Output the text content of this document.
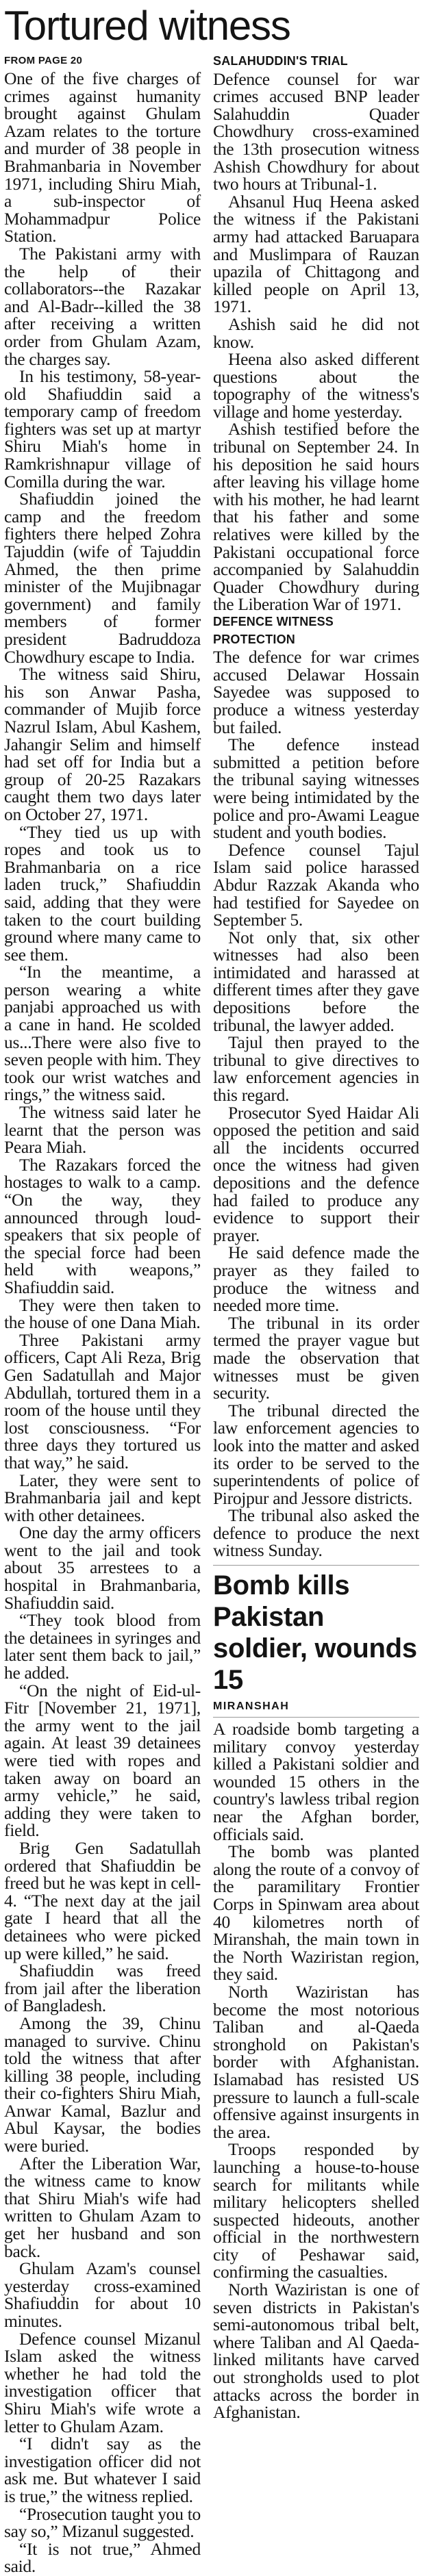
Tortured witness
FROM PAGE 20

One of the five charges of crimes against humanity brought against Ghulam Azam relates to the torture and murder of 38 people in Brahmanbaria in November 1971, including Shiru Miah, a sub-inspector of Mohammadpur Police Station.

The Pakistani army with the help of their collaborators--the Razakar and Al-Badr--killed the 38 after receiving a written order from Ghulam Azam, the charges say.

In his testimony, 58-year-old Shafiuddin said a temporary camp of freedom fighters was set up at martyr Shiru Miah's home in Ramkrishnapur village of Comilla during the war.

Shafiuddin joined the camp and the freedom fighters there helped Zohra Tajuddin (wife of Tajuddin Ahmed, the then prime minister of the Mujibnagar government) and family members of former president Badruddoza Chowdhury escape to India.

The witness said Shiru, his son Anwar Pasha, commander of Mujib force Nazrul Islam, Abul Kashem, Jahangir Selim and himself had set off for India but a group of 20-25 Razakars caught them two days later on October 27, 1971.

“They tied us up with ropes and took us to Brahmanbaria on a rice laden truck,” Shafiuddin said, adding that they were taken to the court building ground where many came to see them.

“In the meantime, a person wearing a white panjabi approached us with a cane in hand. He scolded us...There were also five to seven people with him. They took our wrist watches and rings,” the witness said.

The witness said later he learnt that the person was Peara Miah.

The Razakars forced the hostages to walk to a camp. “On the way, they announced through loud-speakers that six people of the special force had been held with weapons,” Shafiuddin said.

They were then taken to the house of one Dana Miah.

Three Pakistani army officers, Capt Ali Reza, Brig Gen Sadatullah and Major Abdullah, tortured them in a room of the house until they lost consciousness. “For three days they tortured us that way,” he said.

Later, they were sent to Brahmanbaria jail and kept with other detainees.

One day the army officers went to the jail and took about 35 arrestees to a hospital in Brahmanbaria, Shafiuddin said.

“They took blood from the detainees in syringes and later sent them back to jail,” he added.

“On the night of Eid-ul-Fitr [November 21, 1971], the army went to the jail again. At least 39 detainees were tied with ropes and taken away on board an army vehicle,” he said, adding they were taken to field.

Brig Gen Sadatullah ordered that Shafiuddin be freed but he was kept in cell-4. “The next day at the jail gate I heard that all the detainees who were picked up were killed,” he said.

Shafiuddin was freed from jail after the liberation of Bangladesh.

Among the 39, Chinu managed to survive. Chinu told the witness that after killing 38 people, including their co-fighters Shiru Miah, Anwar Kamal, Bazlur and Abul Kaysar, the bodies were buried.

After the Liberation War, the witness came to know that Shiru Miah's wife had written to Ghulam Azam to get her husband and son back.

Ghulam Azam's counsel yesterday cross-examined Shafiuddin for about 10 minutes.

Defence counsel Mizanul Islam asked the witness whether he had told the investigation officer that Shiru Miah's wife wrote a letter to Ghulam Azam.

“I didn't say as the investigation officer did not ask me. But whatever I said is true,” the witness replied.

“Prosecution taught you to say so,” Mizanul suggested.

“It is not true,” Ahmed said.

SALAHUDDIN'S TRIAL

Defence counsel for war crimes accused BNP leader Salahuddin Quader Chowdhury cross-examined the 13th prosecution witness Ashish Chowdhury for about two hours at Tribunal-1.

Ahsanul Huq Heena asked the witness if the Pakistani army had attacked Baruapara and Muslimpara of Rauzan upazila of Chittagong and killed people on April 13, 1971.

Ashish said he did not know.

Heena also asked different questions about the topography of the witness's village and home yesterday.

Ashish testified before the tribunal on September 24. In his deposition he said hours after leaving his village home with his mother, he had learnt that his father and some relatives were killed by the Pakistani occupational force accompanied by Salahuddin Quader Chowdhury during the Liberation War of 1971.

DEFENCE WITNESS PROTECTION

The defence for war crimes accused Delawar Hossain Sayedee was supposed to produce a witness yesterday but failed.

The defence instead submitted a petition before the tribunal saying witnesses were being intimidated by the police and pro-Awami League student and youth bodies.

Defence counsel Tajul Islam said police harassed Abdur Razzak Akanda who had testified for Sayedee on September 5.

Not only that, six other witnesses had also been intimidated and harassed at different times after they gave depositions before the tribunal, the lawyer added.

Tajul then prayed to the tribunal to give directives to law enforcement agencies in this regard.

Prosecutor Syed Haidar Ali opposed the petition and said all the incidents occurred once the witness had given depositions and the defence had failed to produce any evidence to support their prayer.

He said defence made the prayer as they failed to produce the witness and needed more time.

The tribunal in its order termed the prayer vague but made the observation that witnesses must be given security.

The tribunal directed the law enforcement agencies to look into the matter and asked its order to be served to the superintendents of police of Pirojpur and Jessore districts.

The tribunal also asked the defence to produce the next witness Sunday.

Bomb kills Pakistan soldier, wounds 15
MIRANSHAH

A roadside bomb targeting a military convoy yesterday killed a Pakistani soldier and wounded 15 others in the country's lawless tribal region near the Afghan border, officials said.

The bomb was planted along the route of a convoy of the paramilitary Frontier Corps in Spinwam area about 40 kilometres north of Miranshah, the main town in the North Waziristan region, they said.

North Waziristan has become the most notorious Taliban and al-Qaeda stronghold on Pakistan's border with Afghanistan. Islamabad has resisted US pressure to launch a full-scale offensive against insurgents in the area.

Troops responded by launching a house-to-house search for militants while military helicopters shelled suspected hideouts, another official in the northwestern city of Peshawar said, confirming the casualties.

North Waziristan is one of seven districts in Pakistan's semi-autonomous tribal belt, where Taliban and Al Qaeda-linked militants have carved out strongholds used to plot attacks across the border in Afghanistan.
